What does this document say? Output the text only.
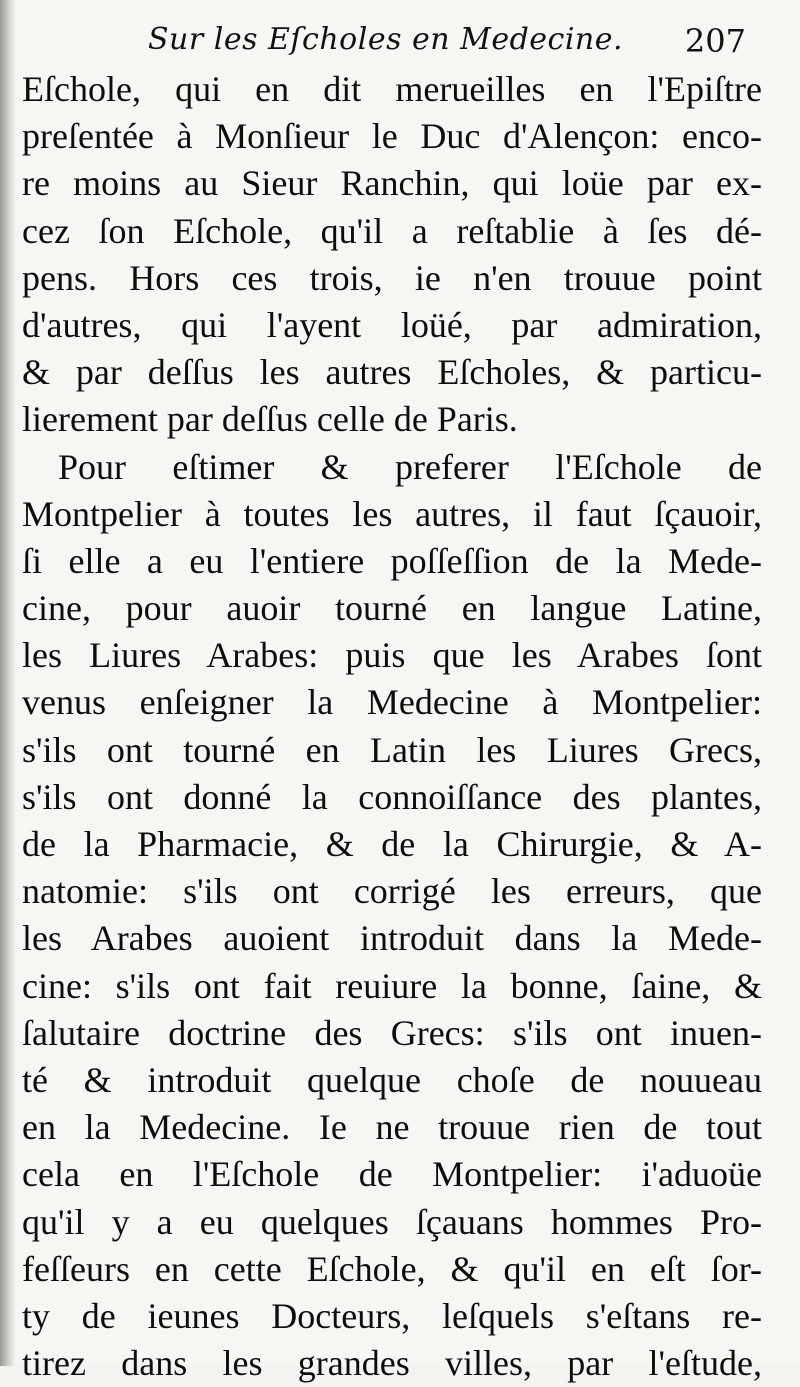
Sur les Eſcholes en Medecine. 207
Eſchole, qui en dit merueilles en l'Epiſtre
preſentée à Monſieur le Duc d'Alençon: enco-
re moins au Sieur Ranchin, qui loüe par ex-
cez ſon Eſchole, qu'il a reſtablie à ſes dé-
pens. Hors ces trois, ie n'en trouue point
d'autres, qui l'ayent loüé, par admiration,
& par deſſus les autres Eſcholes, & particu-
lierement par deſſus celle de Paris.
Pour eſtimer & preferer l'Eſchole de
Montpelier à toutes les autres, il faut ſçauoir,
ſi elle a eu l'entiere poſſeſſion de la Mede-
cine, pour auoir tourné en langue Latine,
les Liures Arabes: puis que les Arabes ſont
venus enſeigner la Medecine à Montpelier:
s'ils ont tourné en Latin les Liures Grecs,
s'ils ont donné la connoiſſance des plantes,
de la Pharmacie, & de la Chirurgie, & A-
natomie: s'ils ont corrigé les erreurs, que
les Arabes auoient introduit dans la Mede-
cine: s'ils ont fait reuiure la bonne, ſaine, &
ſalutaire doctrine des Grecs: s'ils ont inuen-
té & introduit quelque choſe de nouueau
en la Medecine. Ie ne trouue rien de tout
cela en l'Eſchole de Montpelier: i'aduoüe
qu'il y a eu quelques ſçauans hommes Pro-
feſſeurs en cette Eſchole, & qu'il en eſt ſor-
ty de ieunes Docteurs, leſquels s'eſtans re-
tirez dans les grandes villes, par l'eſtude,
